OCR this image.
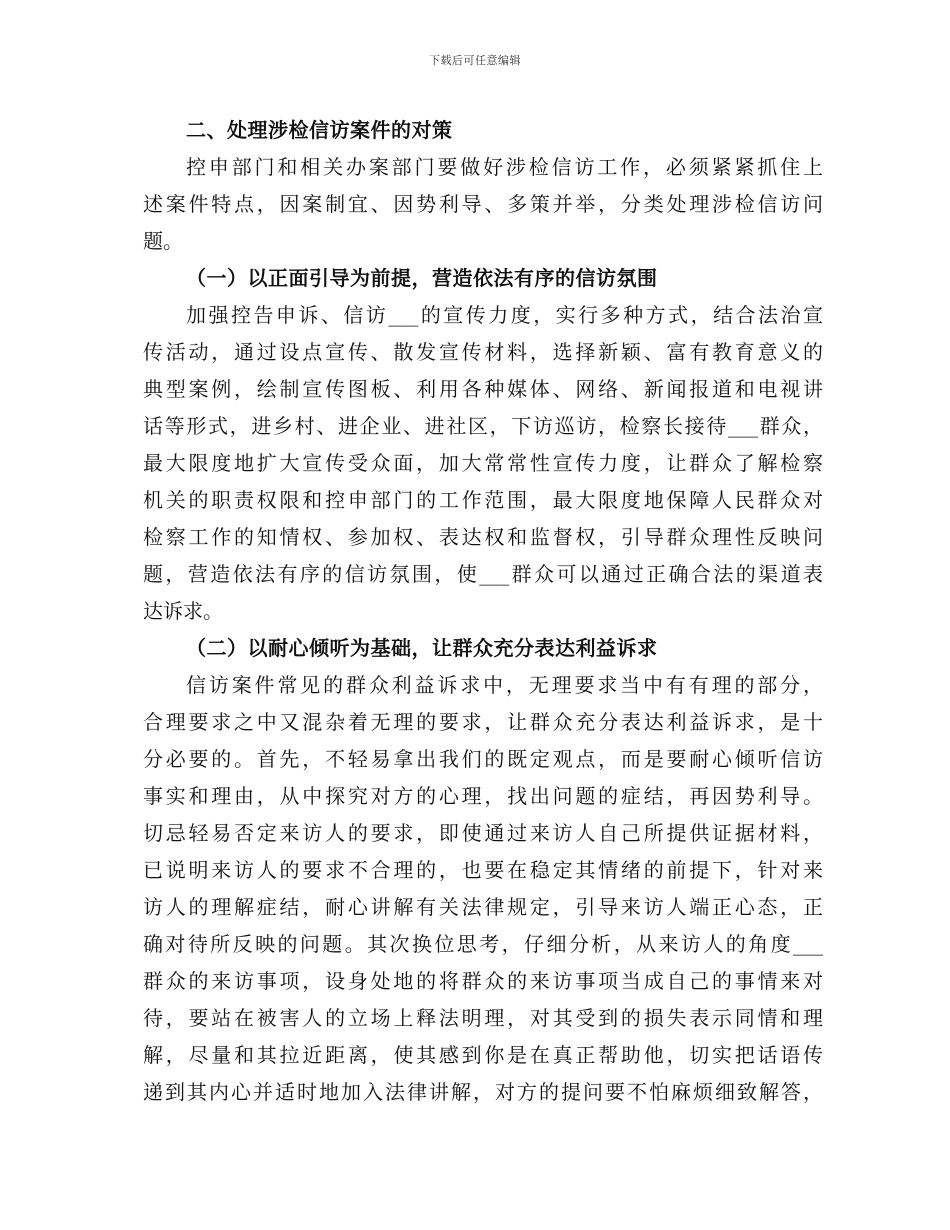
下载后可任意编辑
二、处理涉检信访案件的对策
控申部门和相关办案部门要做好涉检信访工作，必须紧紧抓住上
述案件特点，因案制宜、因势利导、多策并举，分类处理涉检信访问
题。
（一）以正面引导为前提，营造依法有序的信访氛围
加强控告申诉、信访___的宣传力度，实行多种方式，结合法治宣
传活动，通过设点宣传、散发宣传材料，选择新颖、富有教育意义的
典型案例，绘制宣传图板、利用各种媒体、网络、新闻报道和电视讲
话等形式，进乡村、进企业、进社区，下访巡访，检察长接待___群众，
最大限度地扩大宣传受众面，加大常常性宣传力度，让群众了解检察
机关的职责权限和控申部门的工作范围，最大限度地保障人民群众对
检察工作的知情权、参加权、表达权和监督权，引导群众理性反映问
题，营造依法有序的信访氛围，使___群众可以通过正确合法的渠道表
达诉求。
（二）以耐心倾听为基础，让群众充分表达利益诉求
信访案件常见的群众利益诉求中，无理要求当中有有理的部分，
合理要求之中又混杂着无理的要求，让群众充分表达利益诉求，是十
分必要的。首先，不轻易拿出我们的既定观点，而是要耐心倾听信访
事实和理由，从中探究对方的心理，找出问题的症结，再因势利导。
切忌轻易否定来访人的要求，即使通过来访人自己所提供证据材料，
已说明来访人的要求不合理的，也要在稳定其情绪的前提下，针对来
访人的理解症结，耐心讲解有关法律规定，引导来访人端正心态，正
确对待所反映的问题。其次换位思考，仔细分析，从来访人的角度___
群众的来访事项，设身处地的将群众的来访事项当成自己的事情来对
待，要站在被害人的立场上释法明理，对其受到的损失表示同情和理
解，尽量和其拉近距离，使其感到你是在真正帮助他，切实把话语传
递到其内心并适时地加入法律讲解，对方的提问要不怕麻烦细致解答，
